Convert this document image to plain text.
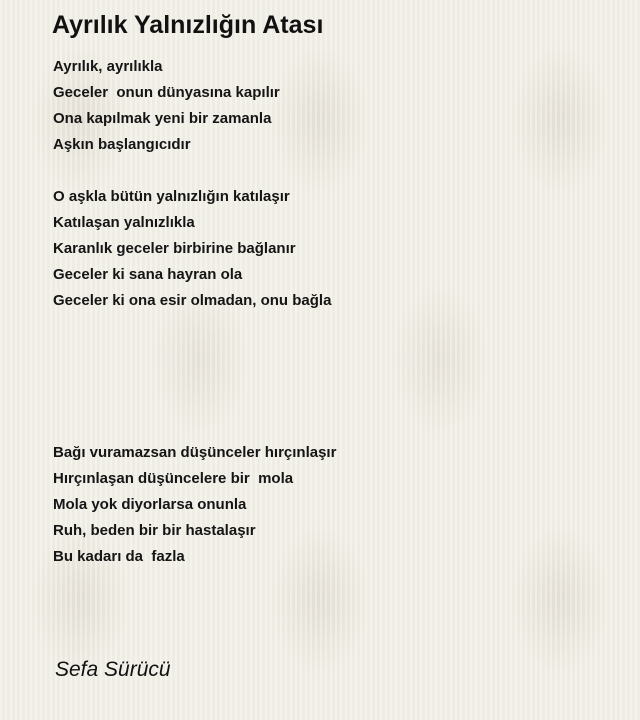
Ayrılık Yalnızlığın Atası
Ayrılık, ayrılıkla
Geceler  onun dünyasına kapılır
Ona kapılmak yeni bir zamanla
Aşkın başlangıcıdır
O aşkla bütün yalnızlığın katılaşır
Katılaşan yalnızlıkla
Karanlık geceler birbirine bağlanır
Geceler ki sana hayran ola
Geceler ki ona esir olmadan, onu bağla
Bağı vuramazsan düşünceler hırçınlaşır
Hırçınlaşan düşüncelere bir  mola
Mola yok diyorlarsa onunla
Ruh, beden bir bir hastalaşır
Bu kadarı da  fazla

Sefa Sürücü
